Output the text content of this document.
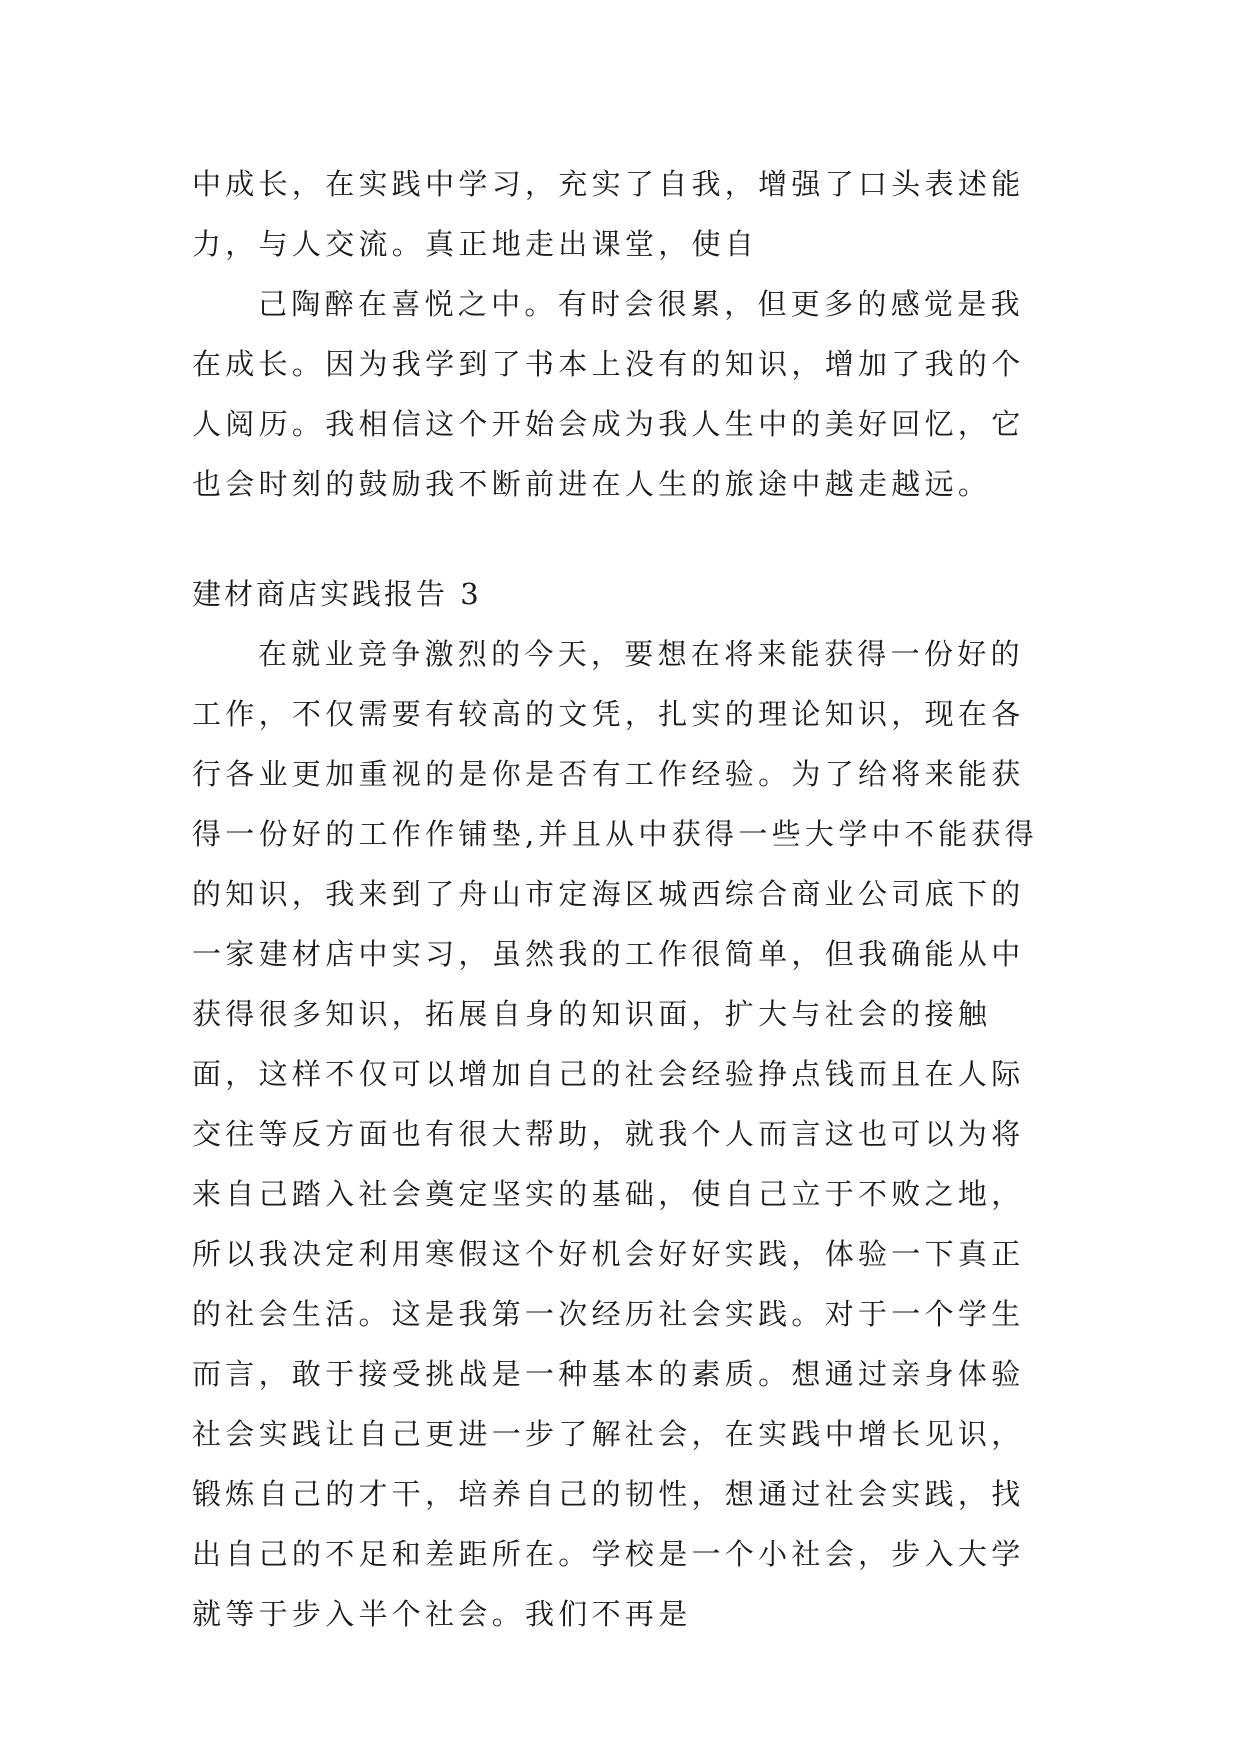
中成长，在实践中学习，充实了自我，增强了口头表述能力，与人交流。真正地走出课堂，使自

己陶醉在喜悦之中。有时会很累，但更多的感觉是我在成长。因为我学到了书本上没有的知识，增加了我的个人阅历。我相信这个开始会成为我人生中的美好回忆，它也会时刻的鼓励我不断前进在人生的旅途中越走越远。

建材商店实践报告 3

在就业竞争激烈的今天，要想在将来能获得一份好的工作，不仅需要有较高的文凭，扎实的理论知识，现在各行各业更加重视的是你是否有工作经验。为了给将来能获得一份好的工作作铺垫,并且从中获得一些大学中不能获得的知识，我来到了舟山市定海区城西综合商业公司底下的一家建材店中实习，虽然我的工作很简单，但我确能从中获得很多知识，拓展自身的知识面，扩大与社会的接触面，这样不仅可以增加自己的社会经验挣点钱而且在人际交往等反方面也有很大帮助，就我个人而言这也可以为将来自己踏入社会奠定坚实的基础，使自己立于不败之地，所以我决定利用寒假这个好机会好好实践，体验一下真正的社会生活。这是我第一次经历社会实践。对于一个学生而言，敢于接受挑战是一种基本的素质。想通过亲身体验社会实践让自己更进一步了解社会，在实践中增长见识，锻炼自己的才干，培养自己的韧性，想通过社会实践，找出自己的不足和差距所在。学校是一个小社会，步入大学就等于步入半个社会。我们不再是
